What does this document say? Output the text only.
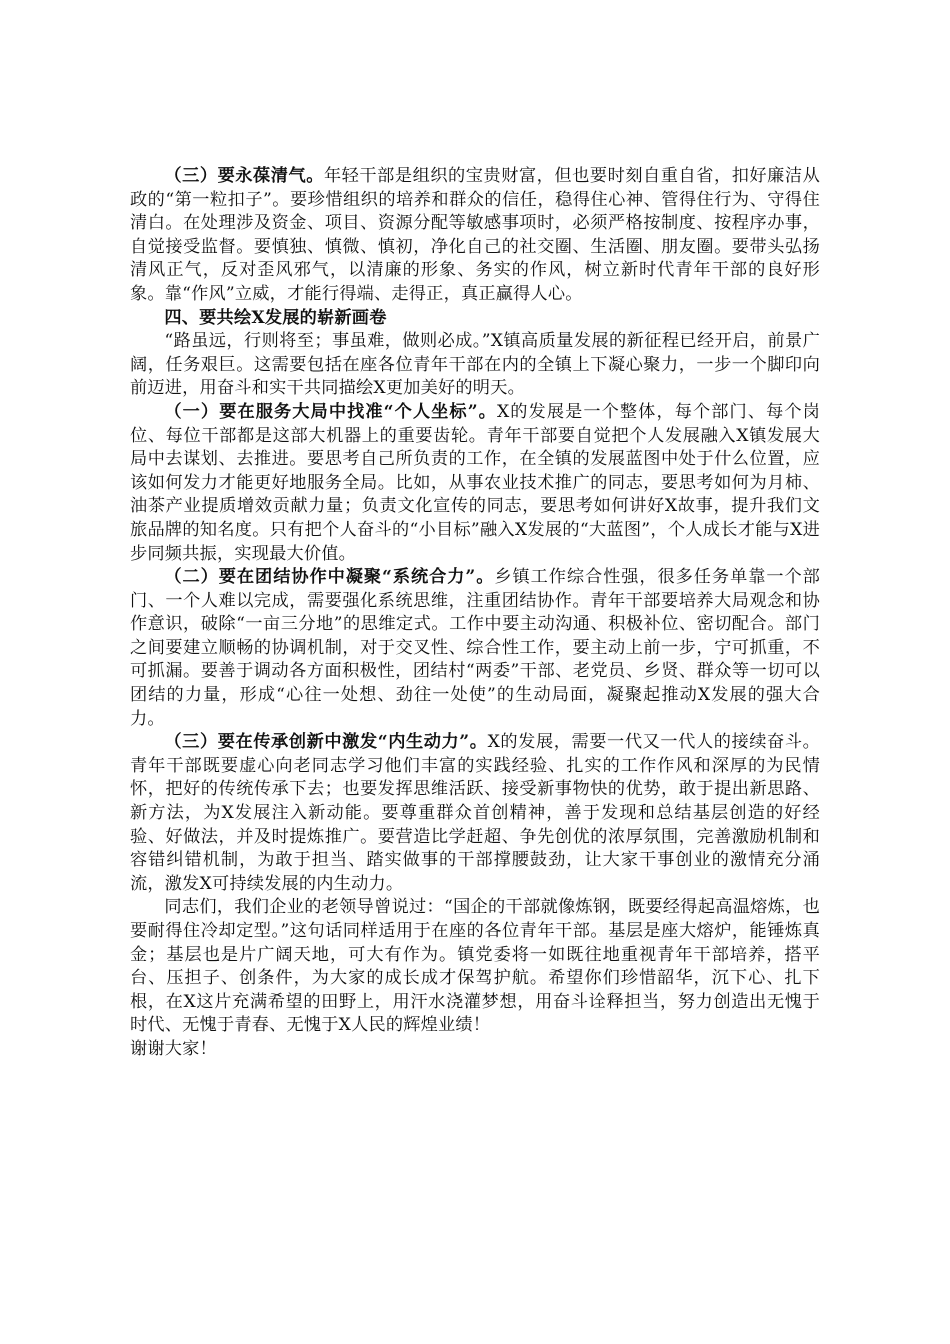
（三）要永葆清气。年轻干部是组织的宝贵财富，但也要时刻自重自省，扣好廉洁从政的“第一粒扣子”。要珍惜组织的培养和群众的信任，稳得住心神、管得住行为、守得住清白。在处理涉及资金、项目、资源分配等敏感事项时，必须严格按制度、按程序办事，自觉接受监督。要慎独、慎微、慎初，净化自己的社交圈、生活圈、朋友圈。要带头弘扬清风正气，反对歪风邪气，以清廉的形象、务实的作风，树立新时代青年干部的良好形象。靠“作风”立威，才能行得端、走得正，真正赢得人心。

四、要共绘X发展的崭新画卷

“路虽远，行则将至；事虽难，做则必成。”X镇高质量发展的新征程已经开启，前景广阔，任务艰巨。这需要包括在座各位青年干部在内的全镇上下凝心聚力，一步一个脚印向前迈进，用奋斗和实干共同描绘X更加美好的明天。

（一）要在服务大局中找准“个人坐标”。X的发展是一个整体，每个部门、每个岗位、每位干部都是这部大机器上的重要齿轮。青年干部要自觉把个人发展融入X镇发展大局中去谋划、去推进。要思考自己所负责的工作，在全镇的发展蓝图中处于什么位置，应该如何发力才能更好地服务全局。比如，从事农业技术推广的同志，要思考如何为月柿、油茶产业提质增效贡献力量；负责文化宣传的同志，要思考如何讲好X故事，提升我们文旅品牌的知名度。只有把个人奋斗的“小目标”融入X发展的“大蓝图”，个人成长才能与X进步同频共振，实现最大价值。

（二）要在团结协作中凝聚“系统合力”。乡镇工作综合性强，很多任务单靠一个部门、一个人难以完成，需要强化系统思维，注重团结协作。青年干部要培养大局观念和协作意识，破除“一亩三分地”的思维定式。工作中要主动沟通、积极补位、密切配合。部门之间要建立顺畅的协调机制，对于交叉性、综合性工作，要主动上前一步，宁可抓重，不可抓漏。要善于调动各方面积极性，团结村“两委”干部、老党员、乡贤、群众等一切可以团结的力量，形成“心往一处想、劲往一处使”的生动局面，凝聚起推动X发展的强大合力。

（三）要在传承创新中激发“内生动力”。X的发展，需要一代又一代人的接续奋斗。青年干部既要虚心向老同志学习他们丰富的实践经验、扎实的工作作风和深厚的为民情怀，把好的传统传承下去；也要发挥思维活跃、接受新事物快的优势，敢于提出新思路、新方法，为X发展注入新动能。要尊重群众首创精神，善于发现和总结基层创造的好经验、好做法，并及时提炼推广。要营造比学赶超、争先创优的浓厚氛围，完善激励机制和容错纠错机制，为敢于担当、踏实做事的干部撑腰鼓劲，让大家干事创业的激情充分涌流，激发X可持续发展的内生动力。

同志们，我们企业的老领导曾说过：“国企的干部就像炼钢，既要经得起高温熔炼，也要耐得住冷却定型。”这句话同样适用于在座的各位青年干部。基层是座大熔炉，能锤炼真金；基层也是片广阔天地，可大有作为。镇党委将一如既往地重视青年干部培养，搭平台、压担子、创条件，为大家的成长成才保驾护航。希望你们珍惜韶华，沉下心、扎下根，在X这片充满希望的田野上，用汗水浇灌梦想，用奋斗诠释担当，努力创造出无愧于时代、无愧于青春、无愧于X人民的辉煌业绩！

谢谢大家！
